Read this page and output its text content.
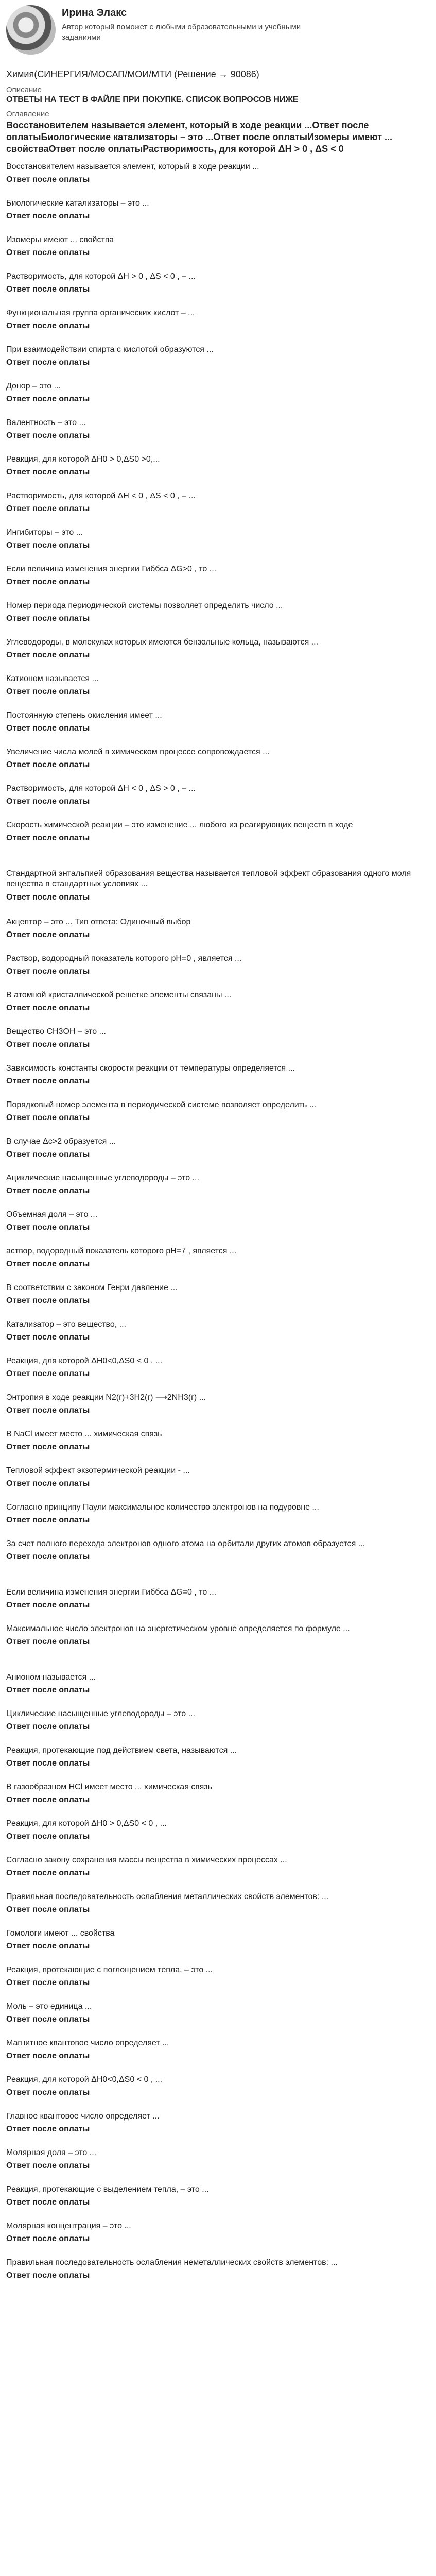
Ирина Элакс
Автор который поможет с любыми образовательными и учебными заданиями
Химия(СИНЕРГИЯ/МОСАП/МОИ/МТИ (Решение → 90086)
Описание
ОТВЕТЫ НА ТЕСТ В ФАЙЛЕ ПРИ ПОКУПКЕ. СПИСОК ВОПРОСОВ НИЖЕ
Оглавление
Восстановителем называется элемент, который в ходе реакции ...Ответ после оплатыБиологические катализаторы – это ...Ответ после оплатыИзомеры имеют ... свойстваОтвет после оплатыРастворимость, для которой ΔН > 0 , ΔS < 0
Восстановителем называется элемент, который в ходе реакции ...
Ответ после оплаты
Биологические катализаторы – это ...
Ответ после оплаты
Изомеры имеют ... свойства
Ответ после оплаты
Растворимость, для которой ΔН > 0 , ΔS < 0 , – ...
Ответ после оплаты
Функциональная группа органических кислот – ...
Ответ после оплаты
При взаимодействии спирта с кислотой образуются ...
Ответ после оплаты
Донор – это ...
Ответ после оплаты
Валентность – это ...
Ответ после оплаты
Реакция, для которой ΔН0 > 0,ΔS0 >0,...
Ответ после оплаты
Растворимость, для которой ΔН < 0 , ΔS < 0 , – ...
Ответ после оплаты
Ингибиторы – это ...
Ответ после оплаты
Если величина изменения энергии Гиббса ΔG>0 , то ...
Ответ после оплаты
Номер периода периодической системы позволяет определить число ...
Ответ после оплаты
Углеводороды, в молекулах которых имеются бензольные кольца, называются ...
Ответ после оплаты
Катионом называется ...
Ответ после оплаты
Постоянную степень окисления имеет ...
Ответ после оплаты
Увеличение числа молей в химическом процессе сопровождается ...
Ответ после оплаты
Растворимость, для которой ΔН < 0 , ΔS > 0 , – ...
Ответ после оплаты
Скорость химической реакции – это изменение ... любого из реагирующих веществ в ходе
Ответ после оплаты
Стандартной энтальпией образования вещества называется тепловой эффект образования одного моля вещества в стандартных условиях ...
Ответ после оплаты
Акцептор – это ... Тип ответа: Одиночный выбор
Ответ после оплаты
Раствор, водородный показатель которого pH=0 , является ...
Ответ после оплаты
В атомной кристаллической решетке элементы связаны ...
Ответ после оплаты
Вещество CH3OH – это ...
Ответ после оплаты
Зависимость константы скорости реакции от температуры определяется ...
Ответ после оплаты
Порядковый номер элемента в периодической системе позволяет определить ...
Ответ после оплаты
В случае Δc>2 образуется ...
Ответ после оплаты
Ациклические насыщенные углеводороды – это ...
Ответ после оплаты
Объемная доля – это ...
Ответ после оплаты
аствор, водородный показатель которого pH=7 , является ...
Ответ после оплаты
В соответствии с законом Генри давление ...
Ответ после оплаты
Катализатор – это вещество, ...
Ответ после оплаты
Реакция, для которой ΔН0<0,ΔS0 < 0 , ...
Ответ после оплаты
Энтропия в ходе реакции N2(г)+3Н2(г) ⟶2NН3(г) ...
Ответ после оплаты
В NaCl имеет место ... химическая связь
Ответ после оплаты
Тепловой эффект экзотермической реакции - ...
Ответ после оплаты
Согласно принципу Паули максимальное количество электронов на подуровне ...
Ответ после оплаты
За счет полного перехода электронов одного атома на орбитали других атомов образуется ...
Ответ после оплаты
Если величина изменения энергии Гиббса ΔG=0 , то ...
Ответ после оплаты
Максимальное число электронов на энергетическом уровне определяется по формуле ...
Ответ после оплаты
Анионом называется ...
Ответ после оплаты
Циклические насыщенные углеводороды – это ...
Ответ после оплаты
Реакция, протекающие под действием света, называются ...
Ответ после оплаты
В газообразном HCl имеет место ... химическая связь
Ответ после оплаты
Реакция, для которой ΔН0 > 0,ΔS0 < 0 , ...
Ответ после оплаты
Согласно закону сохранения массы вещества в химических процессах ...
Ответ после оплаты
Правильная последовательность ослабления металлических свойств элементов: ...
Ответ после оплаты
Гомологи имеют ... свойства
Ответ после оплаты
Реакция, протекающие с поглощением тепла, – это ...
Ответ после оплаты
Моль – это единица ...
Ответ после оплаты
Магнитное квантовое число определяет ...
Ответ после оплаты
Реакция, для которой ΔН0<0,ΔS0 < 0 , ...
Ответ после оплаты
Главное квантовое число определяет ...
Ответ после оплаты
Молярная доля – это ...
Ответ после оплаты
Реакция, протекающие с выделением тепла, – это ...
Ответ после оплаты
Молярная концентрация – это ...
Ответ после оплаты
Правильная последовательность ослабления неметаллических свойств элементов: ...
Ответ после оплаты
